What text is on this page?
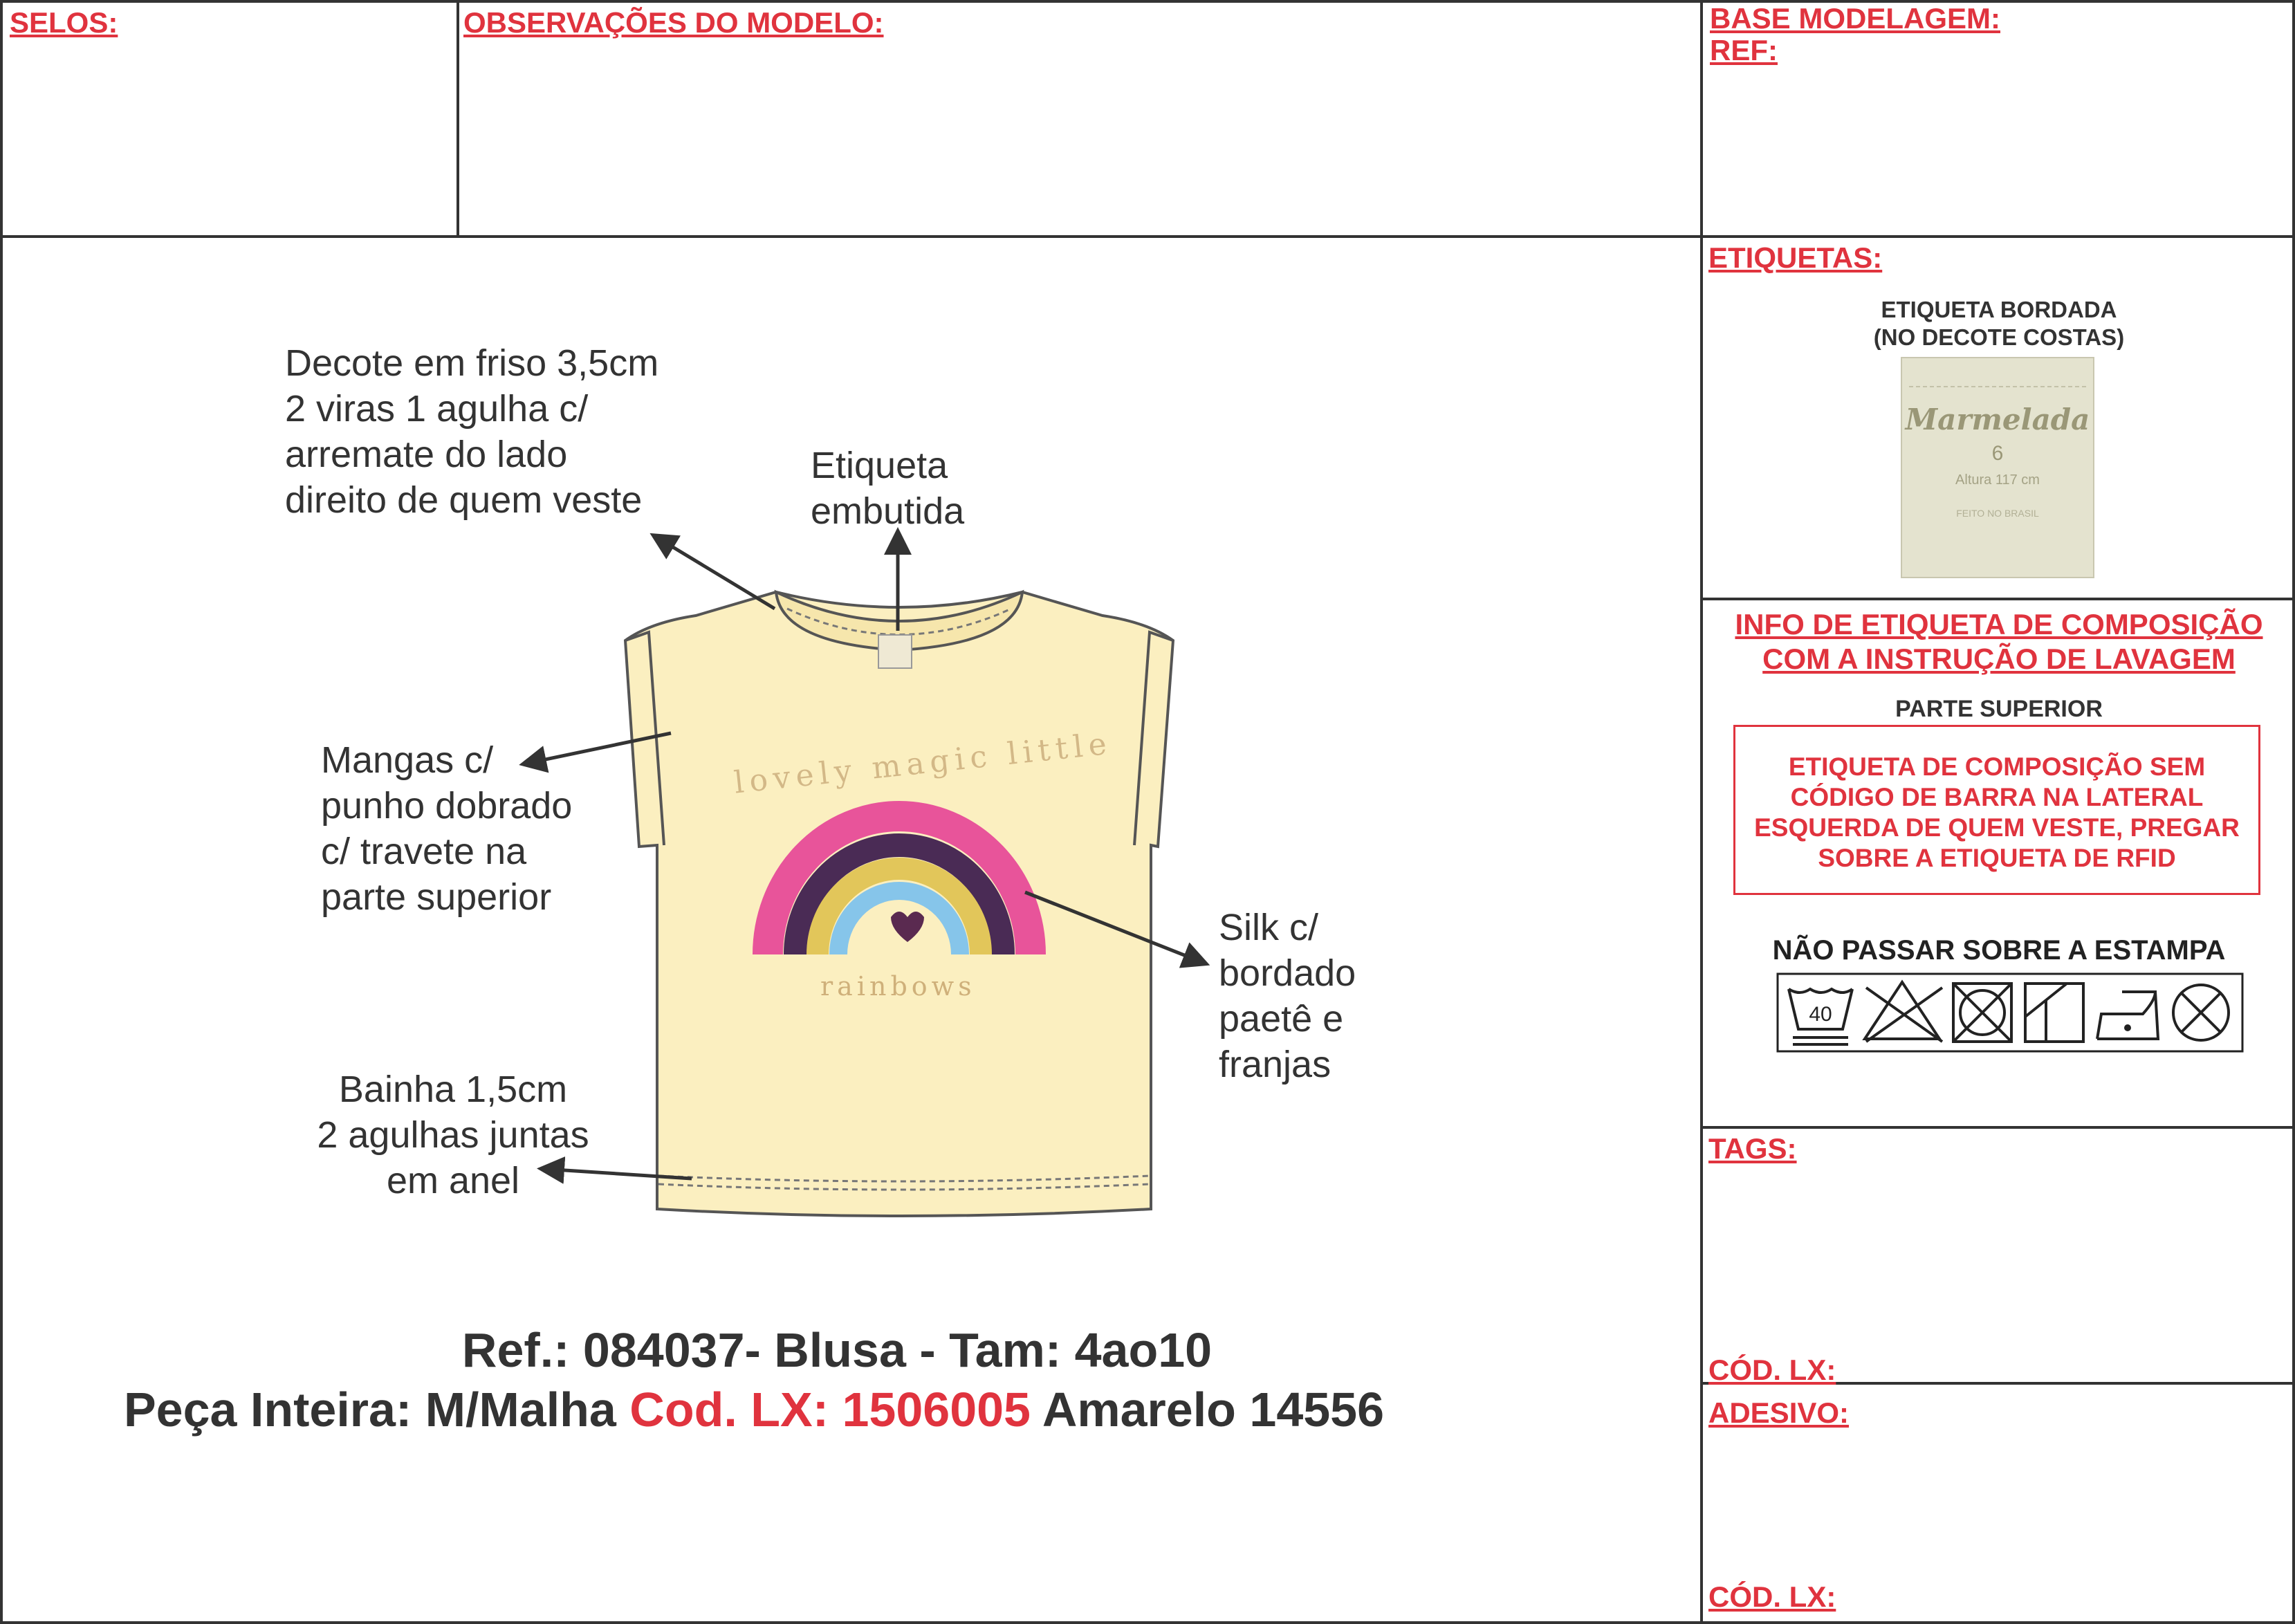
SELOS:	OBSERVAÇÕES DO MODELO:	BASE MODELAGEM:
REF:
Decote em friso 3,5cm
2 viras 1 agulha c/
arremate do lado
direito de quem veste
Etiqueta
embutida
Mangas c/
punho dobrado
c/ travete na
parte superior
Silk c/
bordado
paetê e
franjas
Bainha 1,5cm
2 agulhas juntas
em anel
lovely magic little
rainbows
Ref.: 084037- Blusa - Tam: 4ao10
Peça Inteira: M/Malha Cod. LX: 1506005 Amarelo 14556
ETIQUETAS:
ETIQUETA BORDADA
(NO DECOTE COSTAS)
Marmelada
6
Altura 117 cm
FEITO NO BRASIL
INFO DE ETIQUETA DE COMPOSIÇÃO
COM A INSTRUÇÃO DE LAVAGEM
PARTE SUPERIOR
ETIQUETA DE COMPOSIÇÃO SEM
CÓDIGO DE BARRA NA LATERAL
ESQUERDA DE QUEM VESTE, PREGAR
SOBRE A ETIQUETA DE RFID
NÃO PASSAR SOBRE A ESTAMPA
40
TAGS:
CÓD. LX:
ADESIVO:
CÓD. LX:
